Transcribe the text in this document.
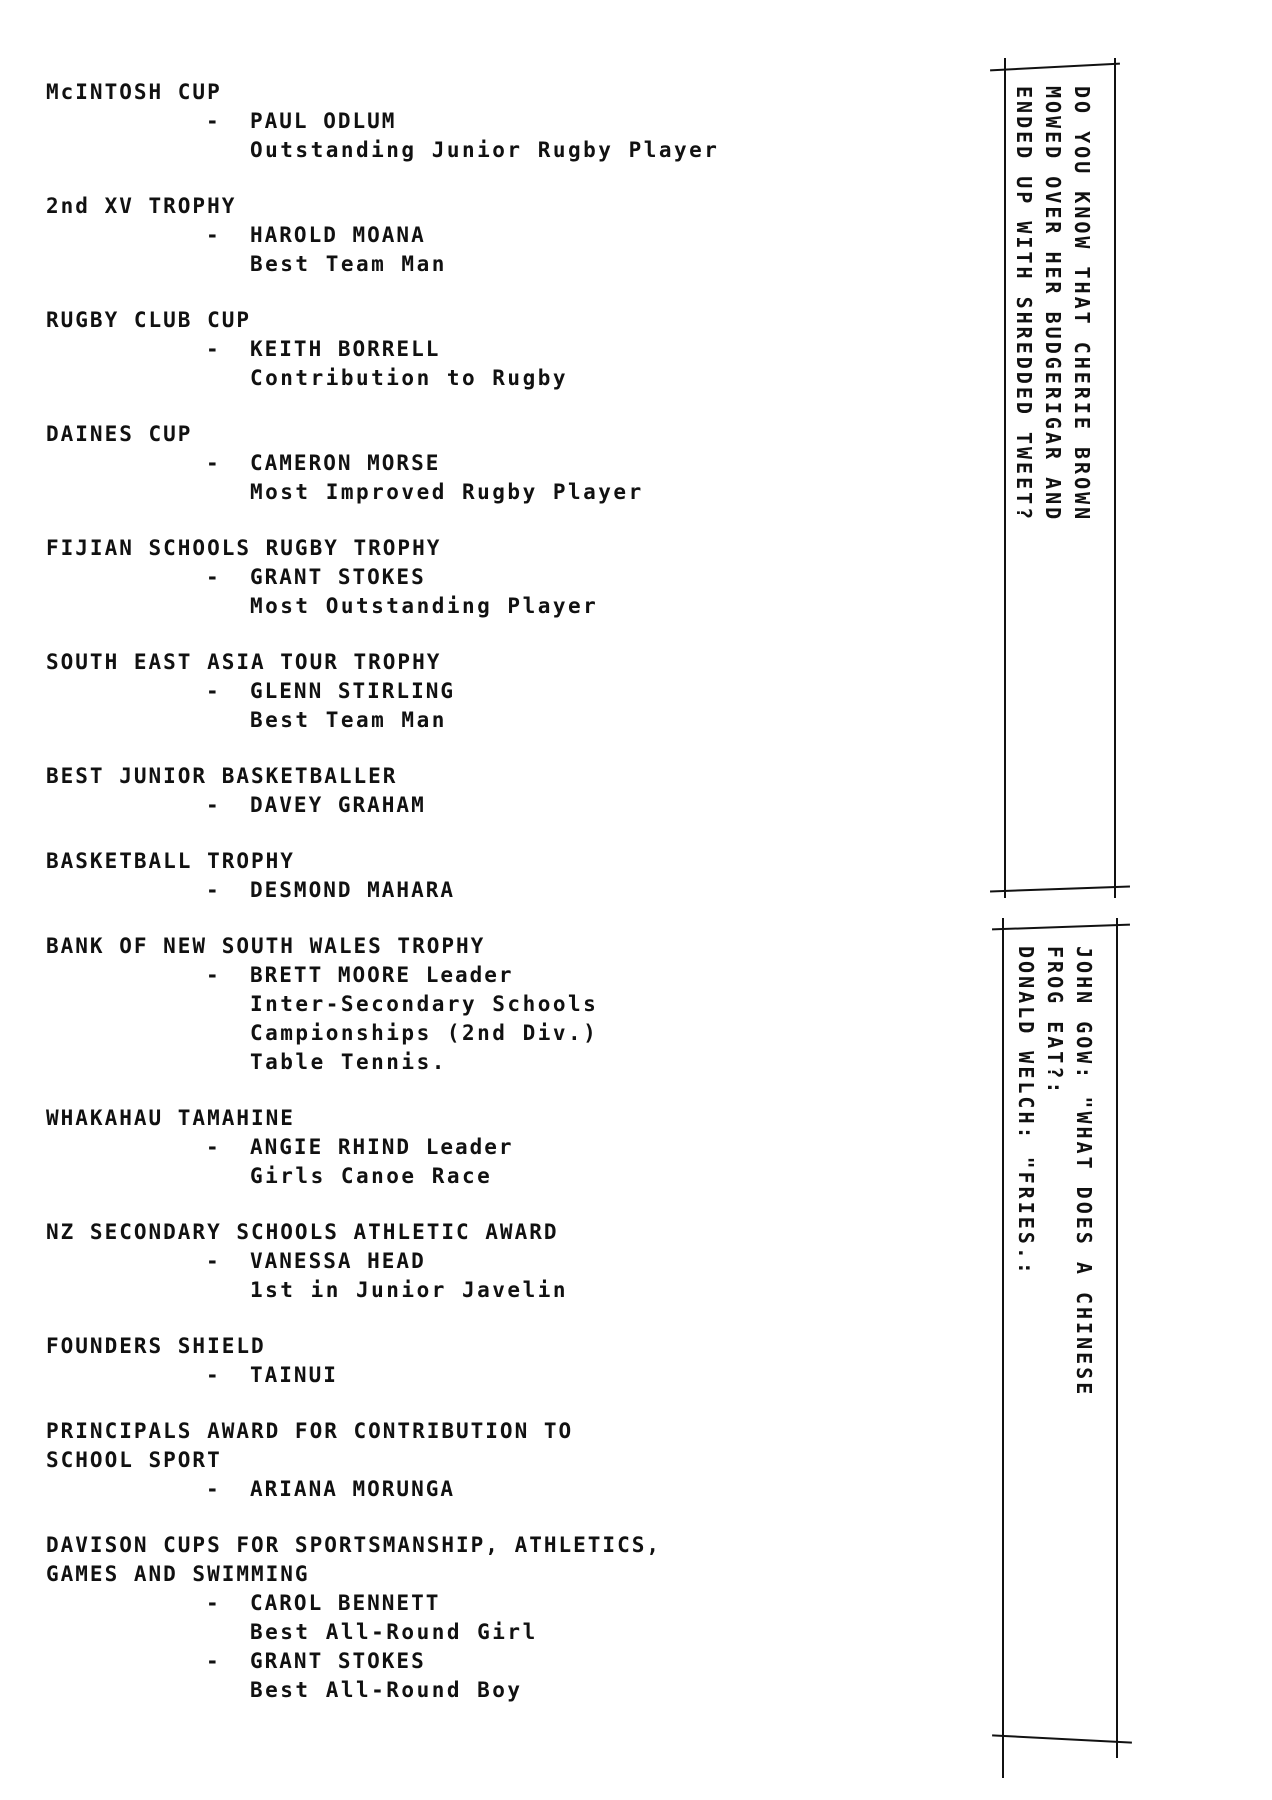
McINTOSH CUP
- PAUL ODLUM
Outstanding Junior Rugby Player
2nd XV TROPHY
- HAROLD MOANA
Best Team Man
RUGBY CLUB CUP
- KEITH BORRELL
Contribution to Rugby
DAINES CUP
- CAMERON MORSE
Most Improved Rugby Player
FIJIAN SCHOOLS RUGBY TROPHY
- GRANT STOKES
Most Outstanding Player
SOUTH EAST ASIA TOUR TROPHY
- GLENN STIRLING
Best Team Man
BEST JUNIOR BASKETBALLER
- DAVEY GRAHAM
BASKETBALL TROPHY
- DESMOND MAHARA
BANK OF NEW SOUTH WALES TROPHY
- BRETT MOORE Leader
Inter-Secondary Schools
Campionships (2nd Div.)
Table Tennis.
WHAKAHAU TAMAHINE
- ANGIE RHIND Leader
Girls Canoe Race
NZ SECONDARY SCHOOLS ATHLETIC AWARD
- VANESSA HEAD
1st in Junior Javelin
FOUNDERS SHIELD
- TAINUI
PRINCIPALS AWARD FOR CONTRIBUTION TO
SCHOOL SPORT
- ARIANA MORUNGA
DAVISON CUPS FOR SPORTSMANSHIP, ATHLETICS,
GAMES AND SWIMMING
- CAROL BENNETT
Best All-Round Girl
- GRANT STOKES
Best All-Round Boy
DO YOU KNOW THAT CHERIE BROWN
MOWED OVER HER BUDGERIGAR AND
ENDED UP WITH SHREDDED TWEET?
JOHN GOW: "WHAT DOES A CHINESE
FROG EAT?:
DONALD WELCH: "FRIES.:
